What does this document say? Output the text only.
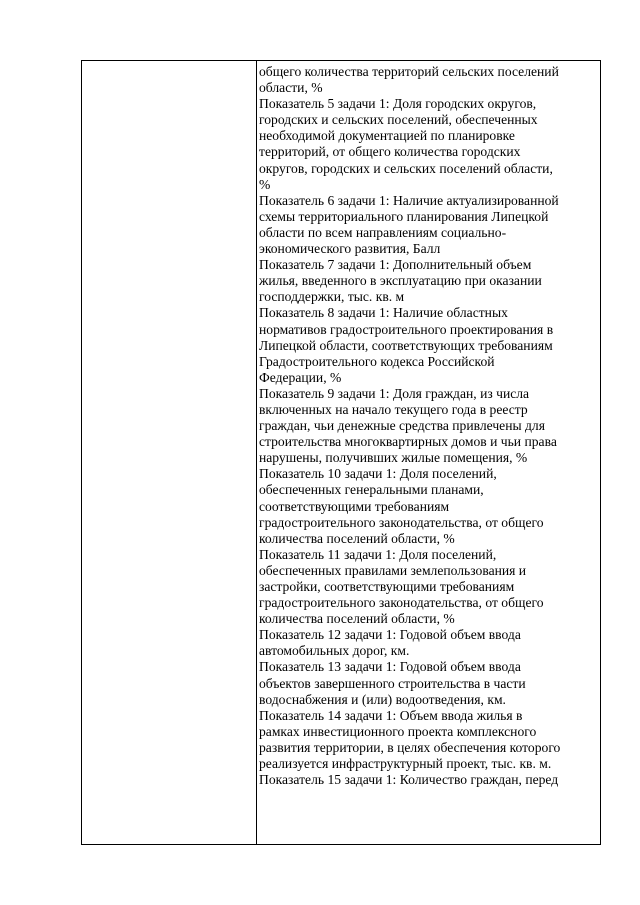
общего количества территорий сельских поселений
области, %
Показатель 5 задачи 1: Доля городских округов,
городских и сельских поселений, обеспеченных
необходимой документацией по планировке
территорий, от общего количества городских
округов, городских и сельских поселений области,
%
Показатель 6 задачи 1: Наличие актуализированной
схемы территориального планирования Липецкой
области по всем направлениям социально-
экономического развития, Балл
Показатель 7 задачи 1: Дополнительный объем
жилья, введенного в эксплуатацию при оказании
господдержки, тыс. кв. м
Показатель 8 задачи 1: Наличие областных
нормативов градостроительного проектирования в
Липецкой области, соответствующих требованиям
Градостроительного кодекса Российской
Федерации, %
Показатель 9 задачи 1: Доля граждан, из числа
включенных на начало текущего года в реестр
граждан, чьи денежные средства привлечены для
строительства многоквартирных домов и чьи права
нарушены, получивших жилые помещения, %
Показатель 10 задачи 1: Доля поселений,
обеспеченных генеральными планами,
соответствующими требованиям
градостроительного законодательства, от общего
количества поселений области, %
Показатель 11 задачи 1: Доля поселений,
обеспеченных правилами землепользования и
застройки, соответствующими требованиям
градостроительного законодательства, от общего
количества поселений области, %
Показатель 12 задачи 1: Годовой объем ввода
автомобильных дорог, км.
Показатель 13 задачи 1: Годовой объем ввода
объектов завершенного строительства в части
водоснабжения и (или) водоотведения, км.
Показатель 14 задачи 1: Объем ввода жилья в
рамках инвестиционного проекта комплексного
развития территории, в целях обеспечения которого
реализуется инфраструктурный проект, тыс. кв. м.
Показатель 15 задачи 1: Количество граждан, перед
